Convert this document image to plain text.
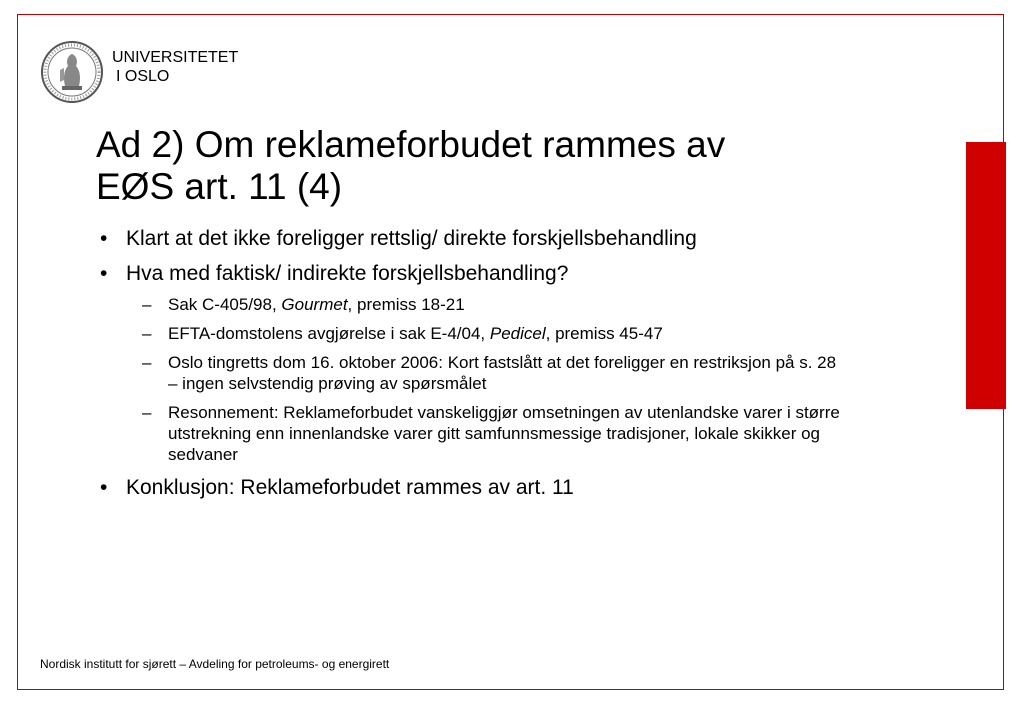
UNIVERSITETET
I OSLO
Ad 2) Om reklameforbudet rammes av
EØS art. 11 (4)
• Klart at det ikke foreligger rettslig/ direkte forskjellsbehandling
• Hva med faktisk/ indirekte forskjellsbehandling?
– Sak C-405/98, Gourmet, premiss 18-21
– EFTA-domstolens avgjørelse i sak E-4/04, Pedicel, premiss 45-47
– Oslo tingretts dom 16. oktober 2006: Kort fastslått at det foreligger en restriksjon på s. 28 – ingen selvstendig prøving av spørsmålet
– Resonnement: Reklameforbudet vanskeliggjør omsetningen av utenlandske varer i større utstrekning enn innenlandske varer gitt samfunnsmessige tradisjoner, lokale skikker og sedvaner
• Konklusjon: Reklameforbudet rammes av art. 11
Nordisk institutt for sjørett – Avdeling for petroleums- og energirett
